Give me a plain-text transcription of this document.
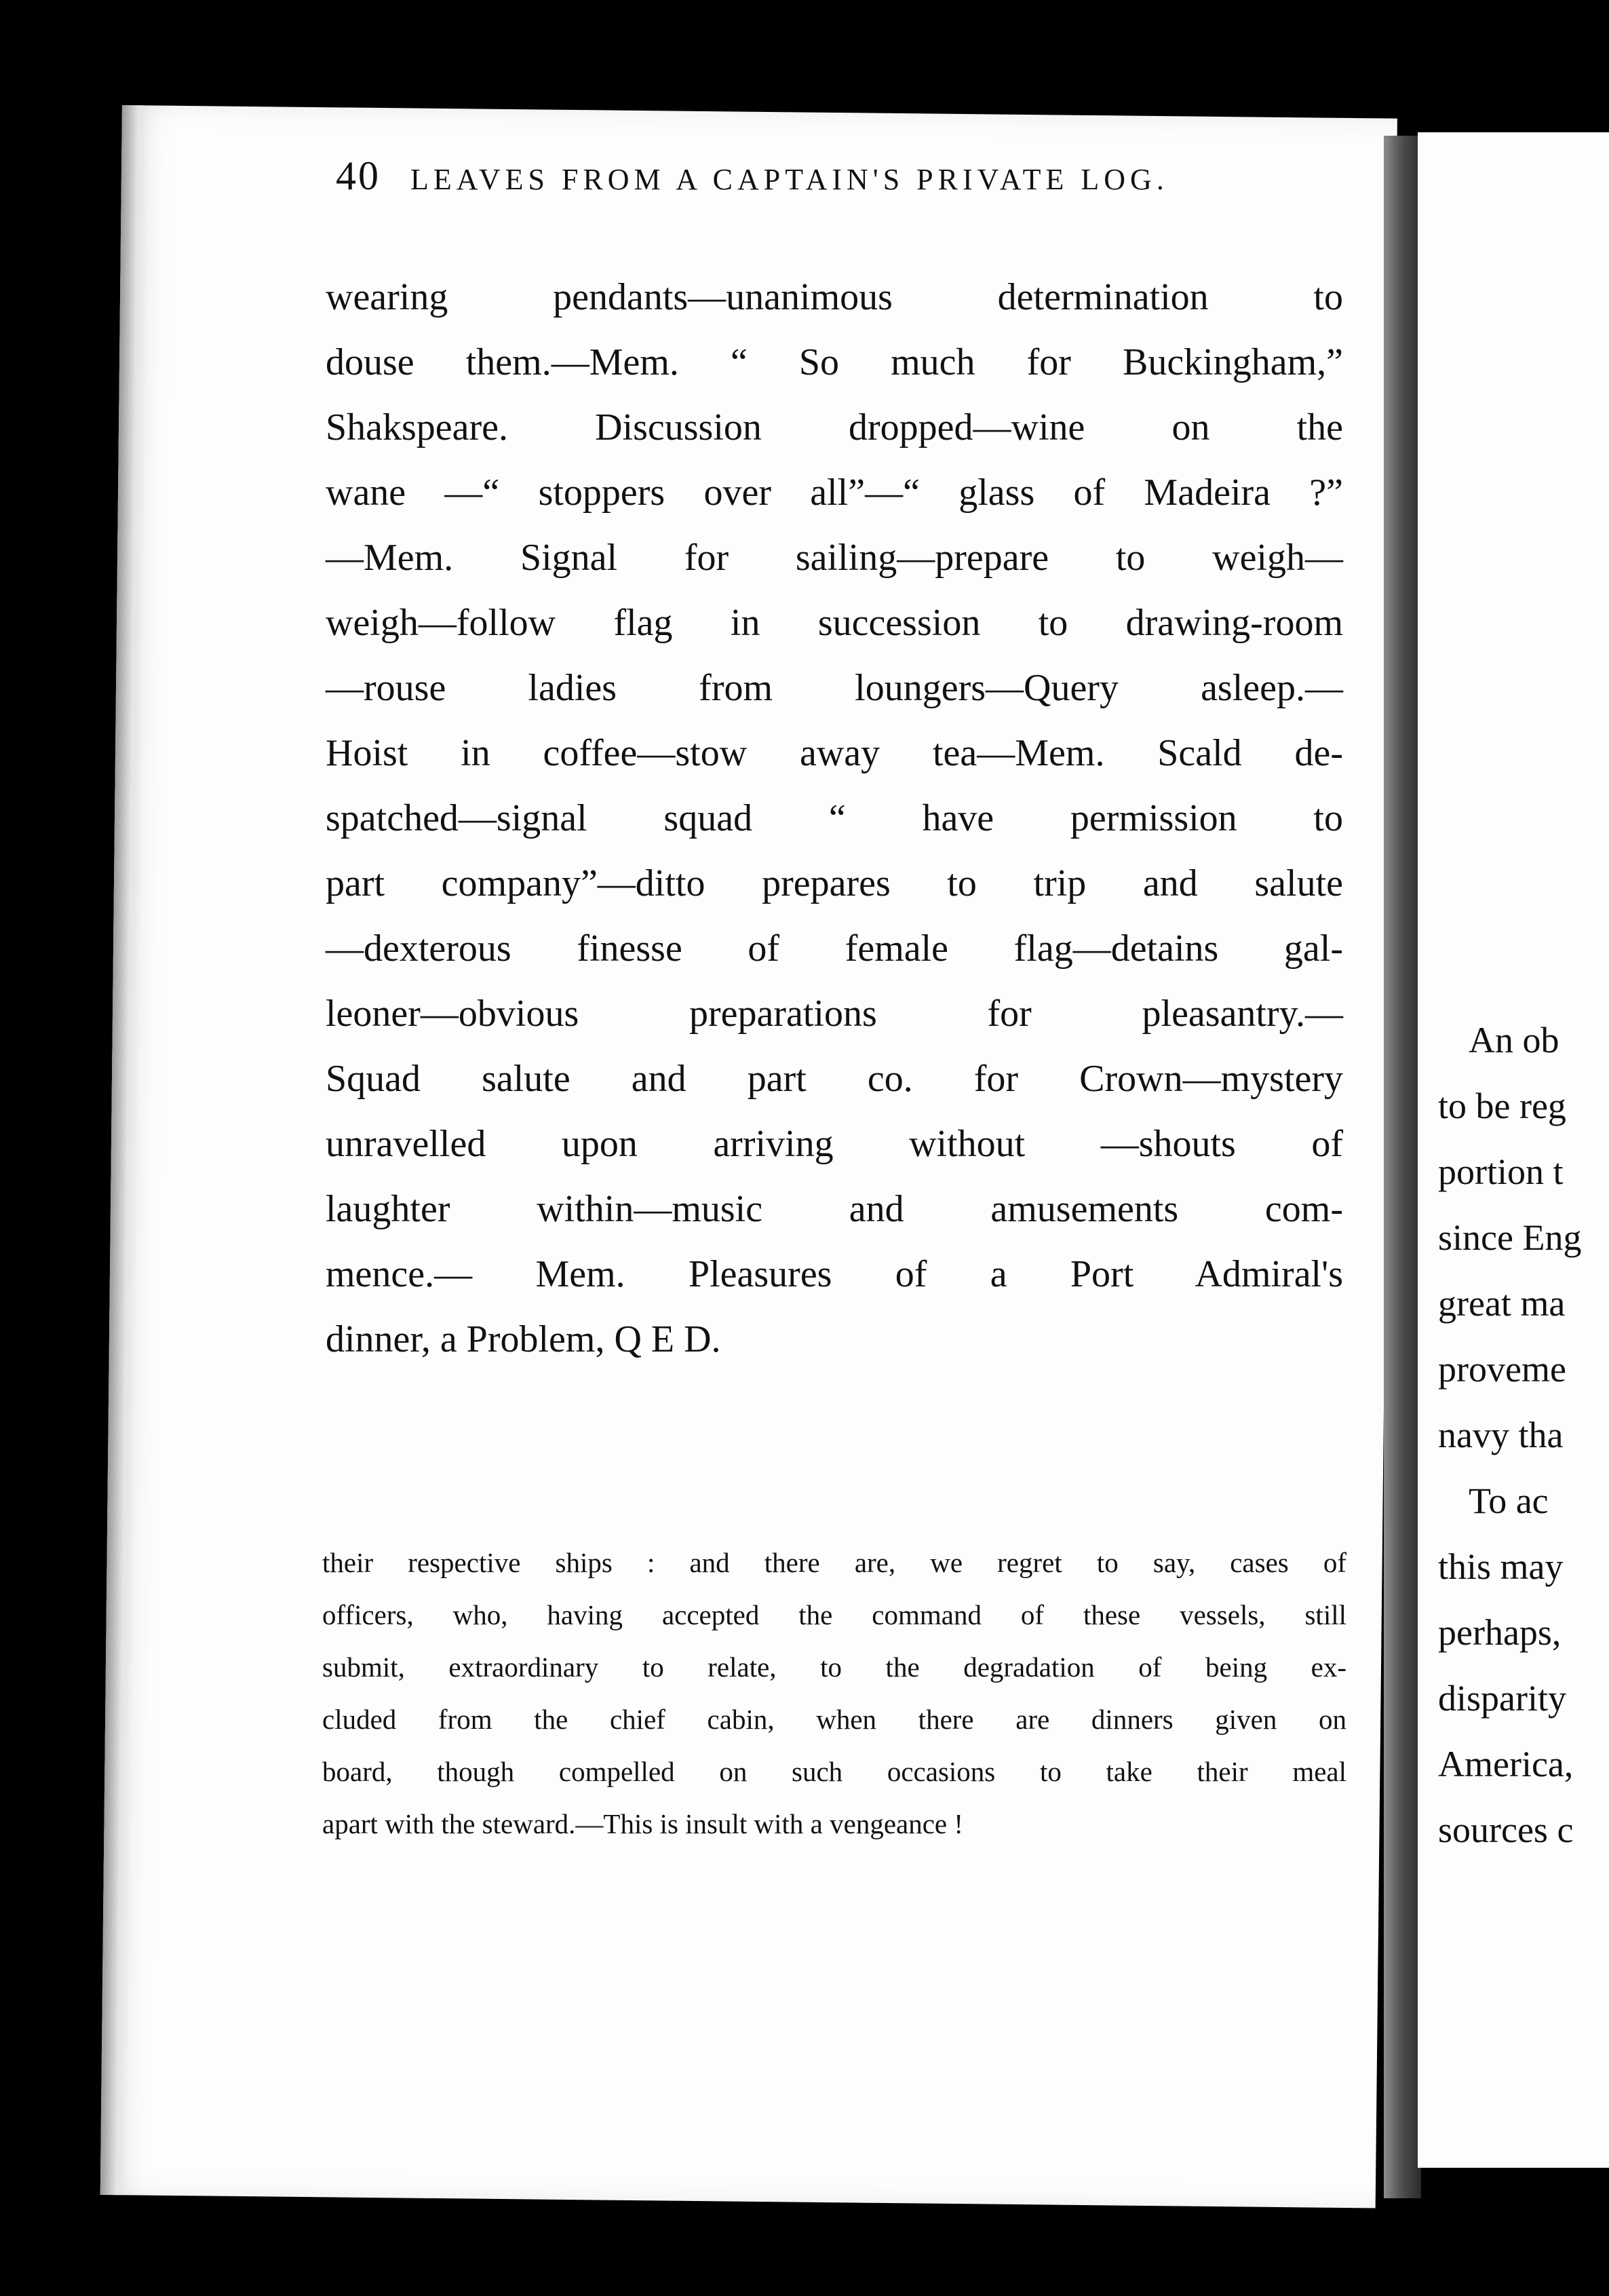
An ob
to be reg
portion t
since Eng
great ma
proveme
navy tha
To ac
this may
perhaps,
disparity
America,
sources c
40 LEAVES FROM A CAPTAIN'S PRIVATE LOG.
wearing pendants—unanimous determination to
douse them.—Mem. “ So much for Buckingham,”
Shakspeare. Discussion dropped—wine on the
wane —“ stoppers over all”—“ glass of Madeira ?”
—Mem. Signal for sailing—prepare to weigh—
weigh—follow flag in succession to drawing-room
—rouse ladies from loungers—Query asleep.—
Hoist in coffee—stow away tea—Mem. Scald de-
spatched—signal squad “ have permission to
part company”—ditto prepares to trip and salute
—dexterous finesse of female flag—detains gal-
leoner—obvious preparations for pleasantry.—
Squad salute and part co. for Crown—mystery
unravelled upon arriving without —shouts of
laughter within—music and amusements com-
mence.— Mem. Pleasures of a Port Admiral's
dinner, a Problem, Q E D.
their respective ships : and there are, we regret to say, cases of
officers, who, having accepted the command of these vessels, still
submit, extraordinary to relate, to the degradation of being ex-
cluded from the chief cabin, when there are dinners given on
board, though compelled on such occasions to take their meal
apart with the steward.—This is insult with a vengeance !
